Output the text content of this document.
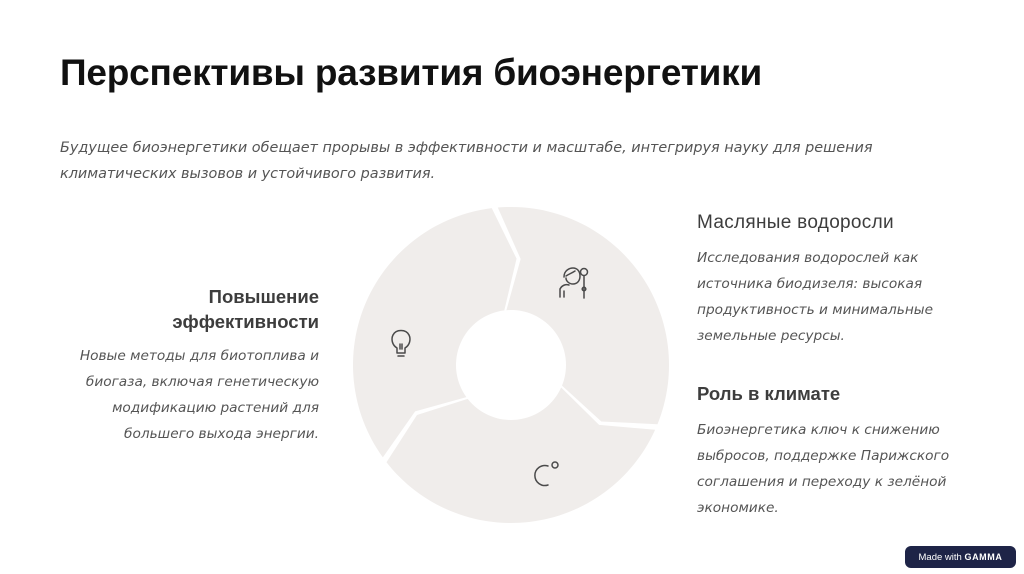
Перспективы развития биоэнергетики

Будущее биоэнергетики обещает прорывы в эффективности и масштабе, интегрируя науку для решения климатических вызовов и устойчивого развития.

Повышение эффективности

Новые методы для биотоплива и биогаза, включая генетическую модификацию растений для большего выхода энергии.

Масляные водоросли

Исследования водорослей как источника биодизеля: высокая продуктивность и минимальные земельные ресурсы.

Роль в климате

Биоэнергетика ключ к снижению выбросов, поддержке Парижского соглашения и переходу к зелёной экономике.

Made with GAMMA
